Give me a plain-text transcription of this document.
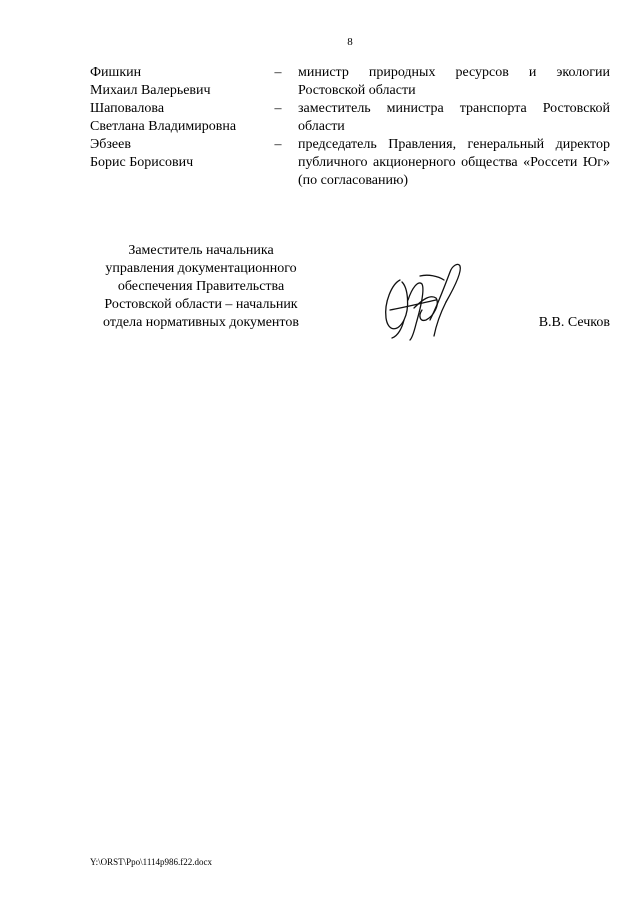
8
Фишкин
Михаил Валерьевич
–	министр природных ресурсов и экологии Ростовской области
Шаповалова
Светлана Владимировна
–	заместитель министра транспорта Ростовской области
Эбзеев
Борис Борисович
–	председатель Правления, генеральный директор публичного акционерного общества «Россети Юг» (по согласованию)
Заместитель начальника
управления документационного
обеспечения Правительства
Ростовской области – начальник
отдела нормативных документов	В.В. Сечков
Y:\ORST\Ppo\1114p986.f22.docx
